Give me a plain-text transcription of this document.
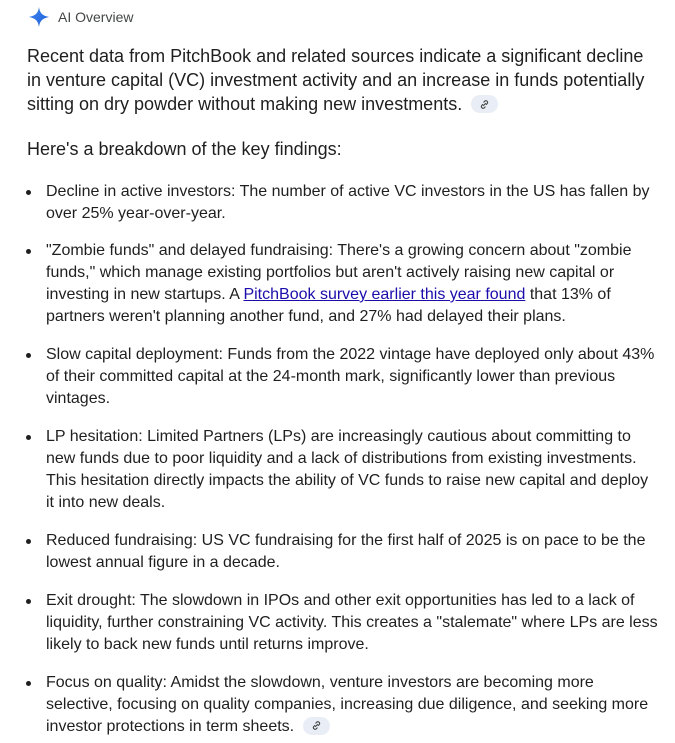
AI Overview
Recent data from PitchBook and related sources indicate a significant decline in venture capital (VC) investment activity and an increase in funds potentially sitting on dry powder without making new investments.
Here's a breakdown of the key findings:
Decline in active investors: The number of active VC investors in the US has fallen by over 25% year-over-year.
"Zombie funds" and delayed fundraising: There's a growing concern about "zombie funds," which manage existing portfolios but aren't actively raising new capital or investing in new startups. A PitchBook survey earlier this year found that 13% of partners weren't planning another fund, and 27% had delayed their plans.
Slow capital deployment: Funds from the 2022 vintage have deployed only about 43% of their committed capital at the 24-month mark, significantly lower than previous vintages.
LP hesitation: Limited Partners (LPs) are increasingly cautious about committing to new funds due to poor liquidity and a lack of distributions from existing investments. This hesitation directly impacts the ability of VC funds to raise new capital and deploy it into new deals.
Reduced fundraising: US VC fundraising for the first half of 2025 is on pace to be the lowest annual figure in a decade.
Exit drought: The slowdown in IPOs and other exit opportunities has led to a lack of liquidity, further constraining VC activity. This creates a "stalemate" where LPs are less likely to back new funds until returns improve.
Focus on quality: Amidst the slowdown, venture investors are becoming more selective, focusing on quality companies, increasing due diligence, and seeking more investor protections in term sheets.
